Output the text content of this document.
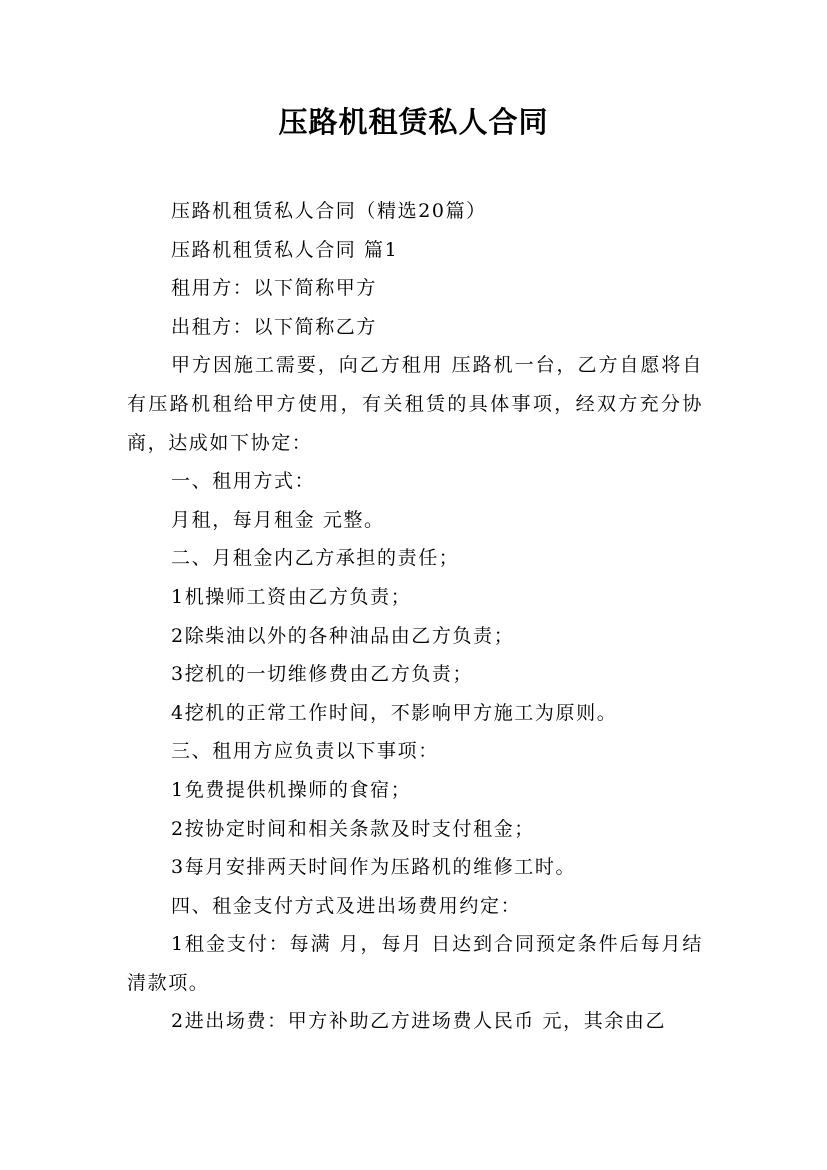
压路机租赁私人合同

压路机租赁私人合同（精选20篇）

压路机租赁私人合同 篇1

租用方：以下简称甲方

出租方：以下简称乙方

甲方因施工需要，向乙方租用 压路机一台，乙方自愿将自有压路机租给甲方使用，有关租赁的具体事项，经双方充分协商，达成如下协定：

一、租用方式：

月租，每月租金 元整。

二、月租金内乙方承担的责任；

1机操师工资由乙方负责；

2除柴油以外的各种油品由乙方负责；

3挖机的一切维修费由乙方负责；

4挖机的正常工作时间，不影响甲方施工为原则。

三、租用方应负责以下事项：

1免费提供机操师的食宿；

2按协定时间和相关条款及时支付租金；

3每月安排两天时间作为压路机的维修工时。

四、租金支付方式及进出场费用约定：

1租金支付：每满 月，每月 日达到合同预定条件后每月结清款项。

2进出场费：甲方补助乙方进场费人民币 元，其余由乙
